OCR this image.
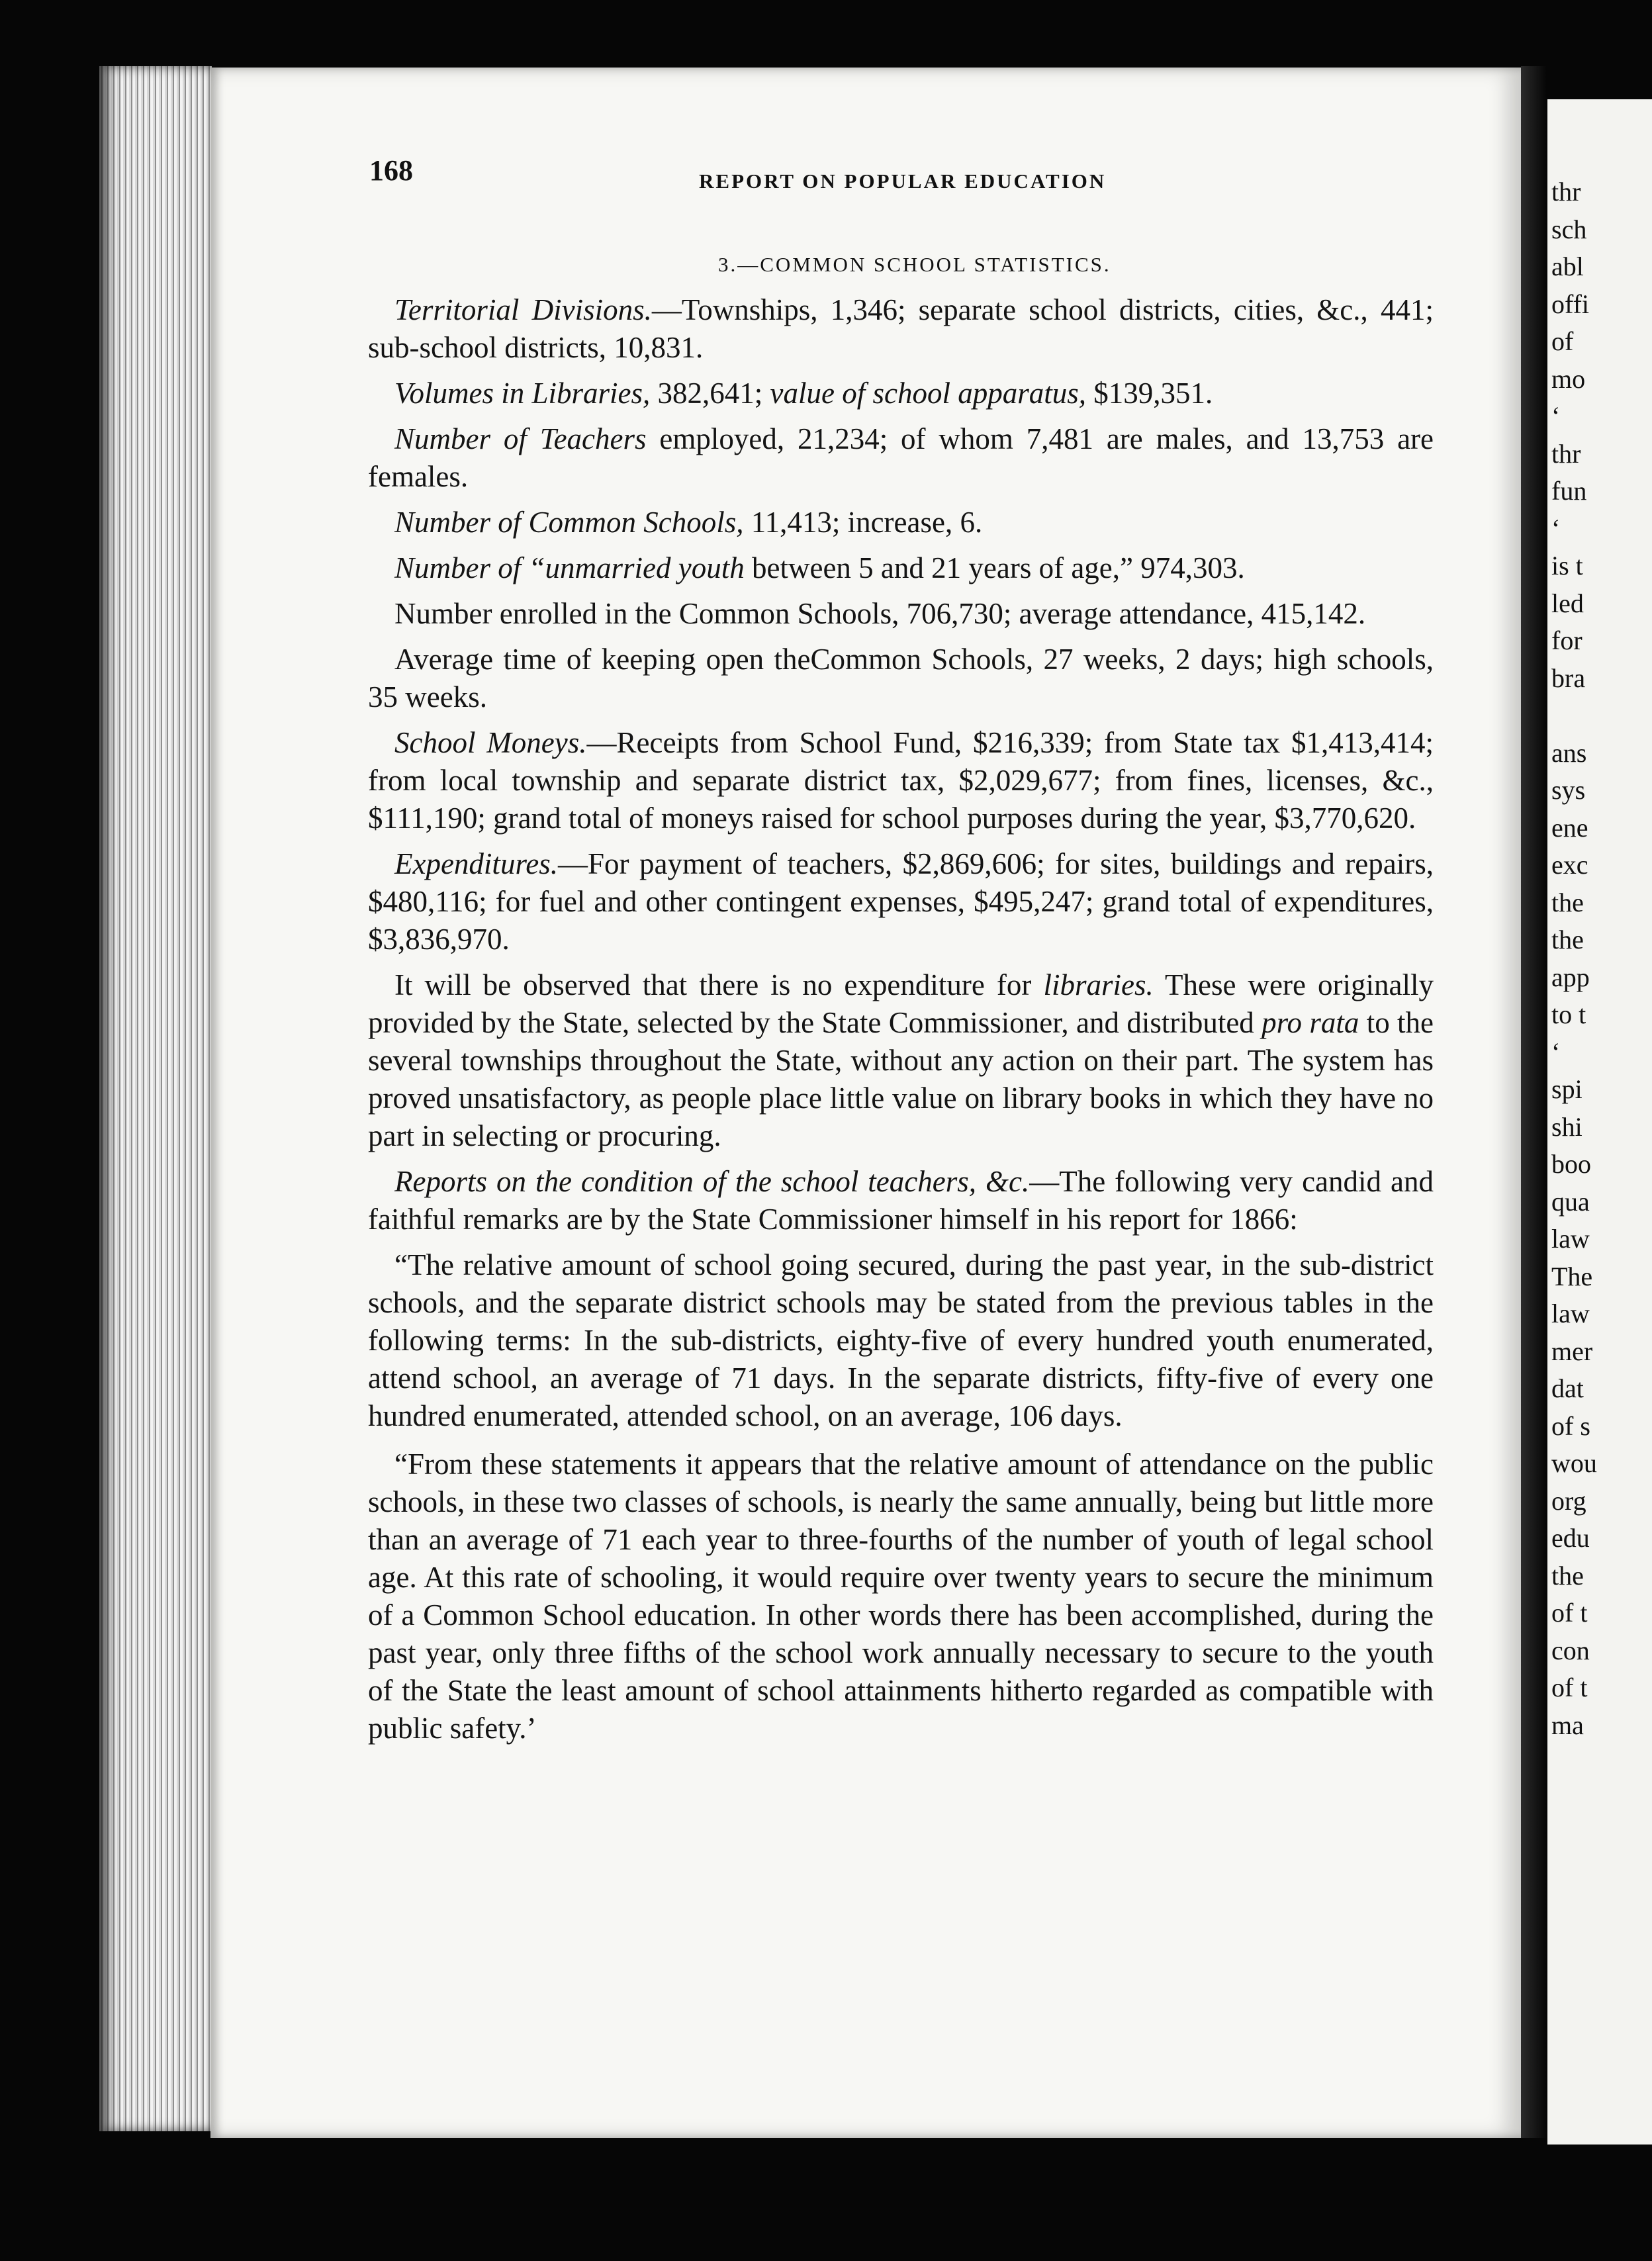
168	REPORT ON POPULAR EDUCATION
3.—COMMON SCHOOL STATISTICS.

Territorial Divisions.—Townships, 1,346; separate school districts, cities, &c., 441; sub-school districts, 10,831.

Volumes in Libraries, 382,641; value of school apparatus, $139,351.

Number of Teachers employed, 21,234; of whom 7,481 are males, and 13,753 are females.

Number of Common Schools, 11,413; increase, 6.

Number of “unmarried youth between 5 and 21 years of age,” 974,303.

Number enrolled in the Common Schools, 706,730; average attendance, 415,142.

Average time of keeping open theCommon Schools, 27 weeks, 2 days; high schools, 35 weeks.

School Moneys.—Receipts from School Fund, $216,339; from State tax $1,413,414; from local township and separate district tax, $2,029,677; from fines, licenses, &c., $111,190; grand total of moneys raised for school purposes during the year, $3,770,620.

Expenditures.—For payment of teachers, $2,869,606; for sites, buildings and repairs, $480,116; for fuel and other contingent expenses, $495,247; grand total of expenditures, $3,836,970.

It will be observed that there is no expenditure for libraries. These were originally provided by the State, selected by the State Commissioner, and distributed pro rata to the several townships throughout the State, without any action on their part. The system has proved unsatisfactory, as people place little value on library books in which they have no part in selecting or procuring.

Reports on the condition of the school teachers, &c.—The following very candid and faithful remarks are by the State Commissioner himself in his report for 1866:

“The relative amount of school going secured, during the past year, in the sub-district schools, and the separate district schools may be stated from the previous tables in the following terms: In the sub-districts, eighty-five of every hundred youth enumerated, attend school, an average of 71 days. In the separate districts, fifty-five of every one hundred enumerated, attended school, on an average, 106 days.

“From these statements it appears that the relative amount of attendance on the public schools, in these two classes of schools, is nearly the same annually, being but little more than an average of 71 each year to three-fourths of the number of youth of legal school age. At this rate of schooling, it would require over twenty years to secure the minimum of a Common School education. In other words there has been accomplished, during the past year, only three fifths of the school work annually necessary to secure to the youth of the State the least amount of school attainments hitherto regarded as compatible with public safety.’

thr
sch
abl
offi
of
mo
‘
thr
fun
‘
is t
led
for
bra
ans
sys
ene
exc
the
the
app
to t
‘
spi
shi
boo
qua
law
The
law
mer
dat
of s
wou
org
edu
the
of t
con
of t
ma
